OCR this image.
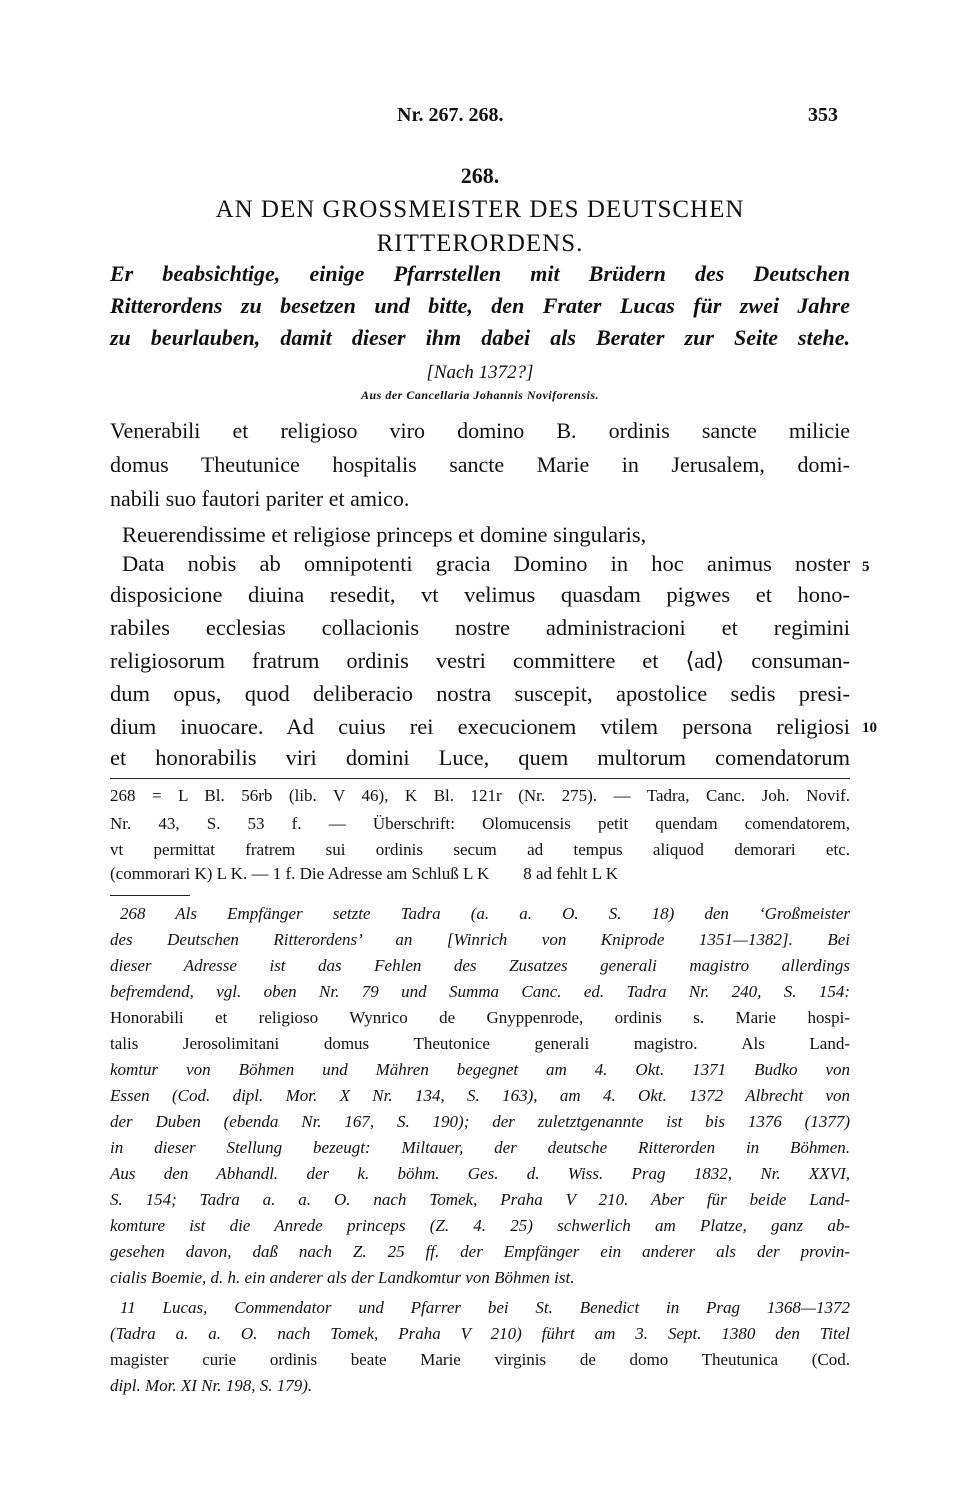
Nr. 267. 268.	353
268.
AN DEN GROSSMEISTER DES DEUTSCHEN
RITTERORDENS.
Er beabsichtige, einige Pfarrstellen mit Brüdern des Deutschen
Ritterordens zu besetzen und bitte, den Frater Lucas für zwei Jahre
zu beurlauben, damit dieser ihm dabei als Berater zur Seite stehe.
[Nach 1372?]
Aus der Cancellaria Johannis Noviforensis.
Venerabili et religioso viro domino B. ordinis sancte milicie
domus Theutunice hospitalis sancte Marie in Jerusalem, domi-
nabili suo fautori pariter et amico.
Reuerendissime et religiose princeps et domine singularis,
Data nobis ab omnipotenti gracia Domino in hoc animus noster
disposicione diuina resedit, vt velimus quasdam pigwes et hono-
rabiles ecclesias collacionis nostre administracioni et regimini
religiosorum fratrum ordinis vestri committere et ⟨ad⟩ consuman-
dum opus, quod deliberacio nostra suscepit, apostolice sedis presi-
dium inuocare. Ad cuius rei execucionem vtilem persona religiosi
et honorabilis viri domini Luce, quem multorum comendatorum
5
10
268 = L Bl. 56rb (lib. V 46), K Bl. 121r (Nr. 275). — Tadra, Canc. Joh. Novif.
Nr. 43, S. 53 f. — Überschrift: Olomucensis petit quendam comendatorem,
vt permittat fratrem sui ordinis secum ad tempus aliquod demorari etc.
(commorari K) L K. — 1 f. Die Adresse am Schluß L K        8 ad fehlt L K
268 Als Empfänger setzte Tadra (a. a. O. S. 18) den ‘Großmeister
des Deutschen Ritterordens’ an [Winrich von Kniprode 1351—1382]. Bei
dieser Adresse ist das Fehlen des Zusatzes generali magistro allerdings
befremdend, vgl. oben Nr. 79 und Summa Canc. ed. Tadra Nr. 240, S. 154:
Honorabili et religioso Wynrico de Gnyppenrode, ordinis s. Marie hospi-
talis Jerosolimitani domus Theutonice generali magistro. Als Land-
komtur von Böhmen und Mähren begegnet am 4. Okt. 1371 Budko von
Essen (Cod. dipl. Mor. X Nr. 134, S. 163), am 4. Okt. 1372 Albrecht von
der Duben (ebenda Nr. 167, S. 190); der zuletztgenannte ist bis 1376 (1377)
in dieser Stellung bezeugt: Miltauer, der deutsche Ritterorden in Böhmen.
Aus den Abhandl. der k. böhm. Ges. d. Wiss. Prag 1832, Nr. XXVI,
S. 154; Tadra a. a. O. nach Tomek, Praha V 210. Aber für beide Land-
komture ist die Anrede princeps (Z. 4. 25) schwerlich am Platze, ganz ab-
gesehen davon, daß nach Z. 25 ff. der Empfänger ein anderer als der provin-
cialis Boemie, d. h. ein anderer als der Landkomtur von Böhmen ist.
11 Lucas, Commendator und Pfarrer bei St. Benedict in Prag 1368—1372
(Tadra a. a. O. nach Tomek, Praha V 210) führt am 3. Sept. 1380 den Titel
magister curie ordinis beate Marie virginis de domo Theutunica (Cod.
dipl. Mor. XI Nr. 198, S. 179).
